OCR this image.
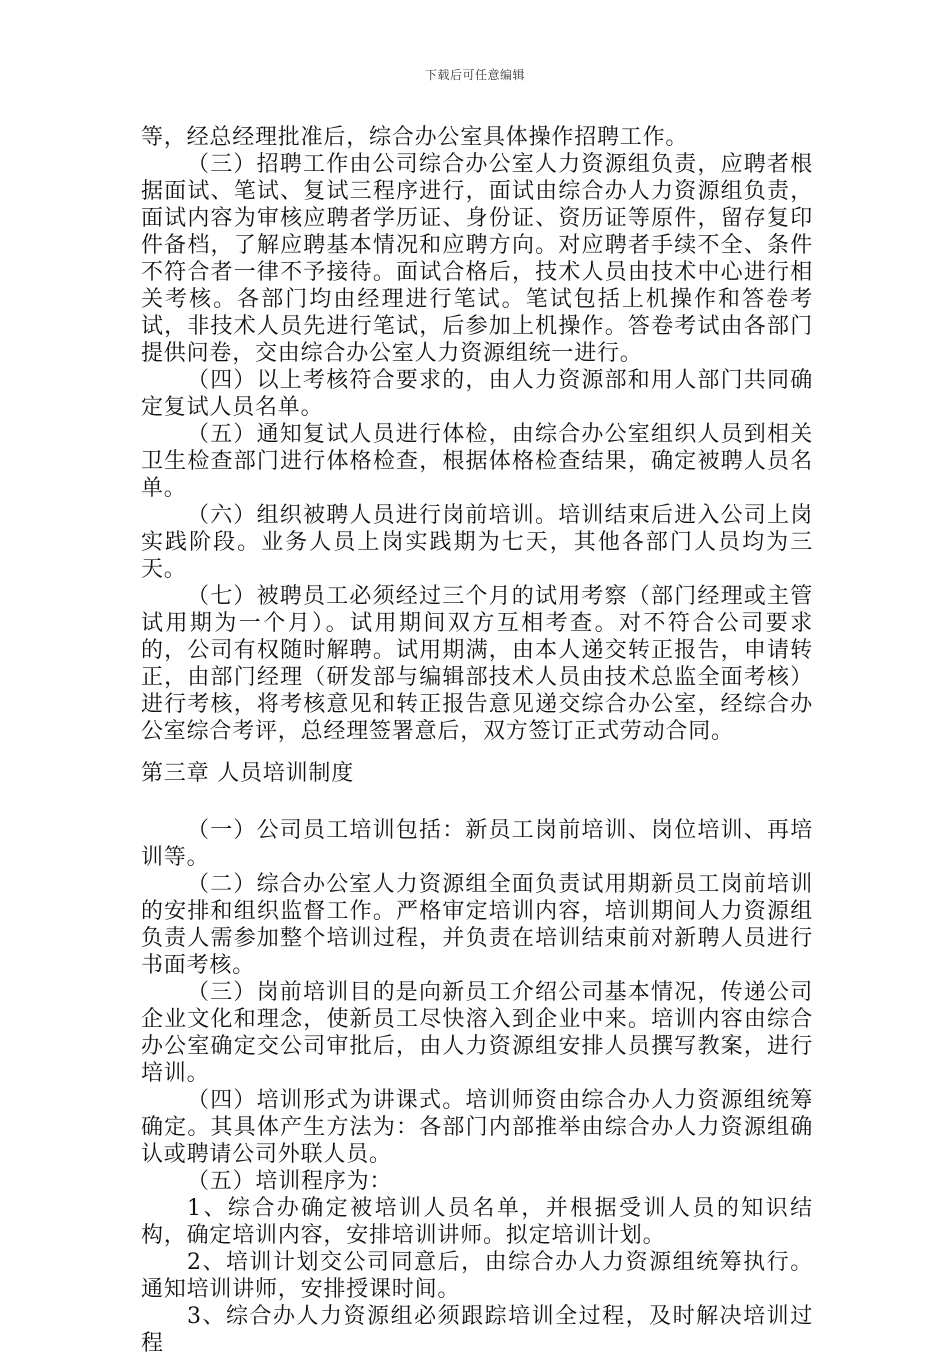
下载后可任意编辑

等，经总经理批准后，综合办公室具体操作招聘工作。

（三）招聘工作由公司综合办公室人力资源组负责，应聘者根据面试、笔试、复试三程序进行，面试由综合办人力资源组负责，面试内容为审核应聘者学历证、身份证、资历证等原件，留存复印件备档，了解应聘基本情况和应聘方向。对应聘者手续不全、条件不符合者一律不予接待。面试合格后，技术人员由技术中心进行相关考核。各部门均由经理进行笔试。笔试包括上机操作和答卷考试，非技术人员先进行笔试，后参加上机操作。答卷考试由各部门提供问卷，交由综合办公室人力资源组统一进行。

（四）以上考核符合要求的，由人力资源部和用人部门共同确定复试人员名单。

（五）通知复试人员进行体检，由综合办公室组织人员到相关卫生检查部门进行体格检查，根据体格检查结果，确定被聘人员名单。

（六）组织被聘人员进行岗前培训。培训结束后进入公司上岗实践阶段。业务人员上岗实践期为七天，其他各部门人员均为三天。

（七）被聘员工必须经过三个月的试用考察（部门经理或主管试用期为一个月）。试用期间双方互相考查。对不符合公司要求的，公司有权随时解聘。试用期满，由本人递交转正报告，申请转正，由部门经理（研发部与编辑部技术人员由技术总监全面考核）进行考核，将考核意见和转正报告意见递交综合办公室，经综合办公室综合考评，总经理签署意后，双方签订正式劳动合同。

第三章 人员培训制度

（一）公司员工培训包括：新员工岗前培训、岗位培训、再培训等。

（二）综合办公室人力资源组全面负责试用期新员工岗前培训的安排和组织监督工作。严格审定培训内容，培训期间人力资源组负责人需参加整个培训过程，并负责在培训结束前对新聘人员进行书面考核。

（三）岗前培训目的是向新员工介绍公司基本情况，传递公司企业文化和理念，使新员工尽快溶入到企业中来。培训内容由综合办公室确定交公司审批后，由人力资源组安排人员撰写教案，进行培训。

（四）培训形式为讲课式。培训师资由综合办人力资源组统筹确定。其具体产生方法为：各部门内部推举由综合办人力资源组确认或聘请公司外联人员。

（五）培训程序为：

1、综合办确定被培训人员名单，并根据受训人员的知识结构，确定培训内容，安排培训讲师。拟定培训计划。

2、培训计划交公司同意后，由综合办人力资源组统筹执行。通知培训讲师，安排授课时间。

3、综合办人力资源组必须跟踪培训全过程，及时解决培训过程
